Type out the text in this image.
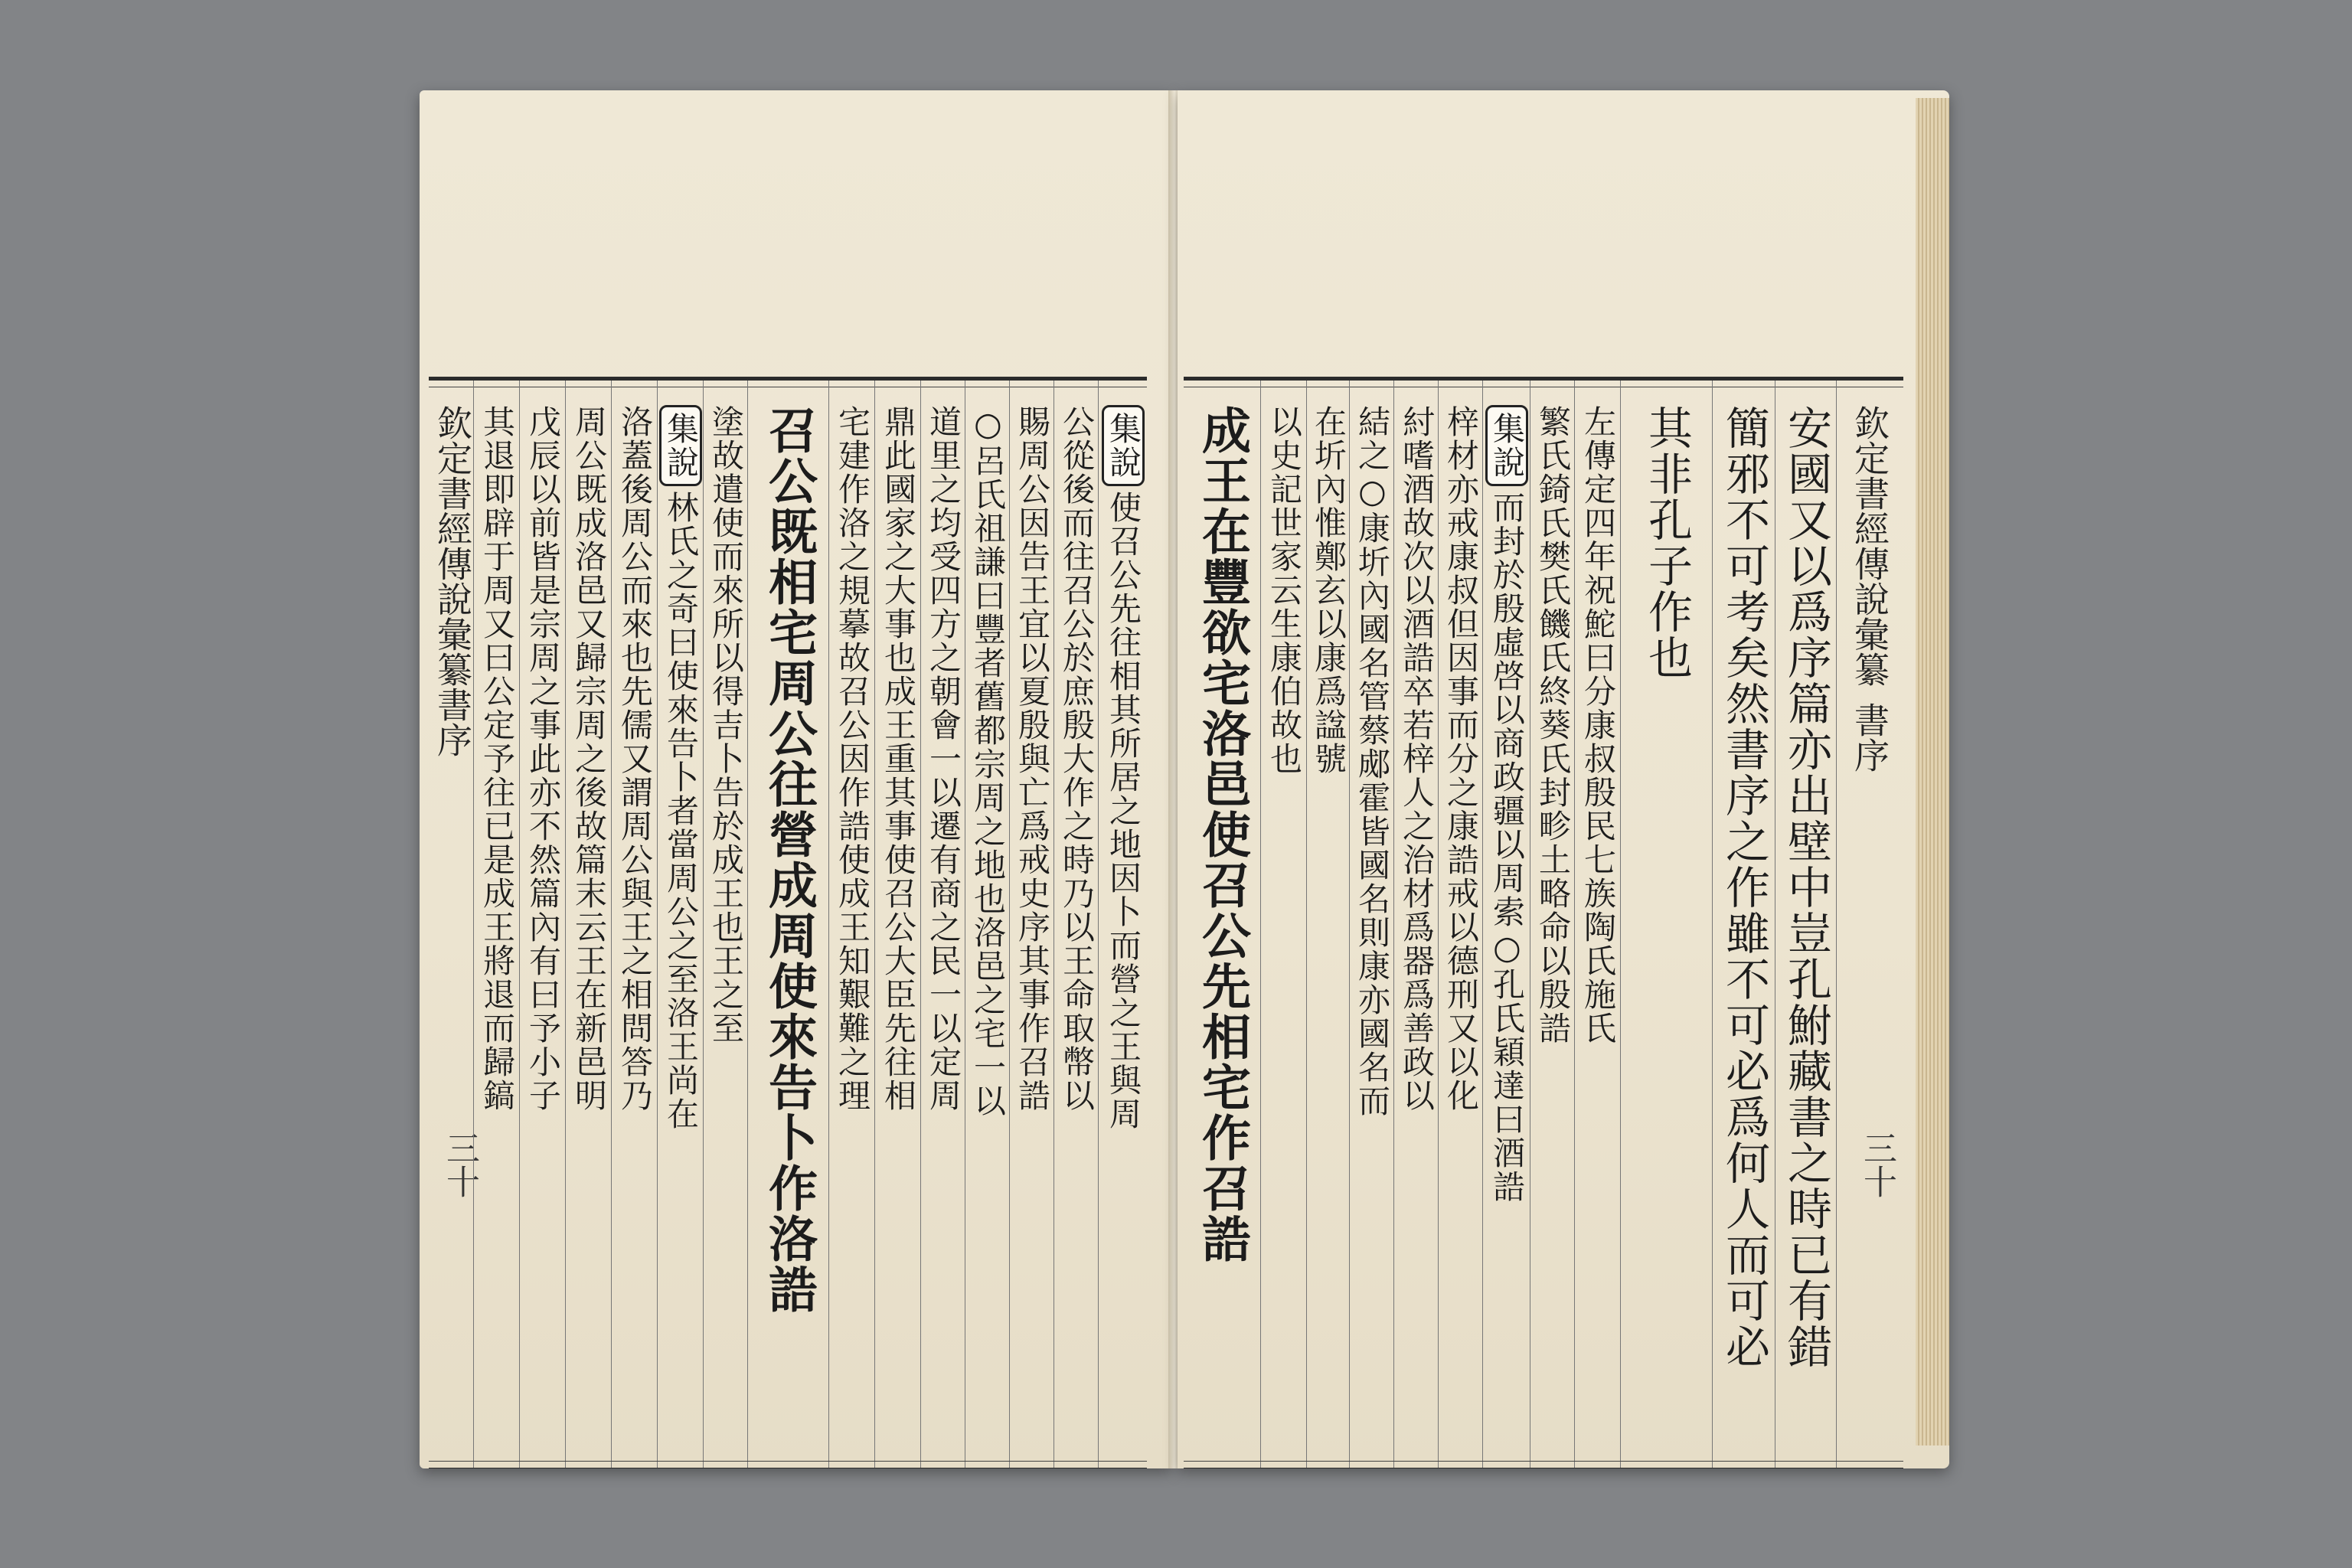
欽定書經傳說彙纂
書序
三十
其退即辟于周又曰公定予往已是成王將退而歸鎬 戊辰以前皆是宗周之事此亦不然篇內有曰予小子 周公既成洛邑又歸宗周之後故篇末云王在新邑明 洛蓋後周公而來也先儒又謂周公與王之相問答乃 集說林氏之奇曰使來告卜者當周公之至洛王尚在 塗故遣使而來所以得吉卜告於成王也王之至 召公既相宅周公往營成周使來告卜作洛誥 宅建作洛之規摹故召公因作誥使成王知艱難之理 鼎此國家之大事也成王重其事使召公大臣先往相 道里之均受四方之朝會一以遷有商之民一以定周 ○呂氏祖謙曰豐者舊都宗周之地也洛邑之宅一以 賜周公因告王宜以夏殷與亡爲戒史序其事作召誥 公從後而往召公於庶殷大作之時乃以王命取幣以 集說使召公先往相其所居之地因卜而營之王與周 成王在豐欲宅洛邑使召公先相宅作召誥 以史記世家云生康伯故也 在圻內惟鄭玄以康爲諡號 結之○康圻內國名管蔡郕霍皆國名則康亦國名而 紂嗜酒故次以酒誥卒若梓人之治材爲器爲善政以 梓材亦戒康叔但因事而分之康誥戒以德刑又以化 集說而封於殷虛啓以商政疆以周索○孔氏穎達曰酒誥 繁氏錡氏樊氏饑氏終葵氏封畛土略命以殷誥 左傳定四年祝鮀曰分康叔殷民七族陶氏施氏 其非孔子作也 簡邪不可考矣然書序之作雖不可必爲何人而可必 安國又以爲序篇亦出壁中豈孔鮒藏書之時已有錯 欽定書經傳說彙纂
書序
三十
